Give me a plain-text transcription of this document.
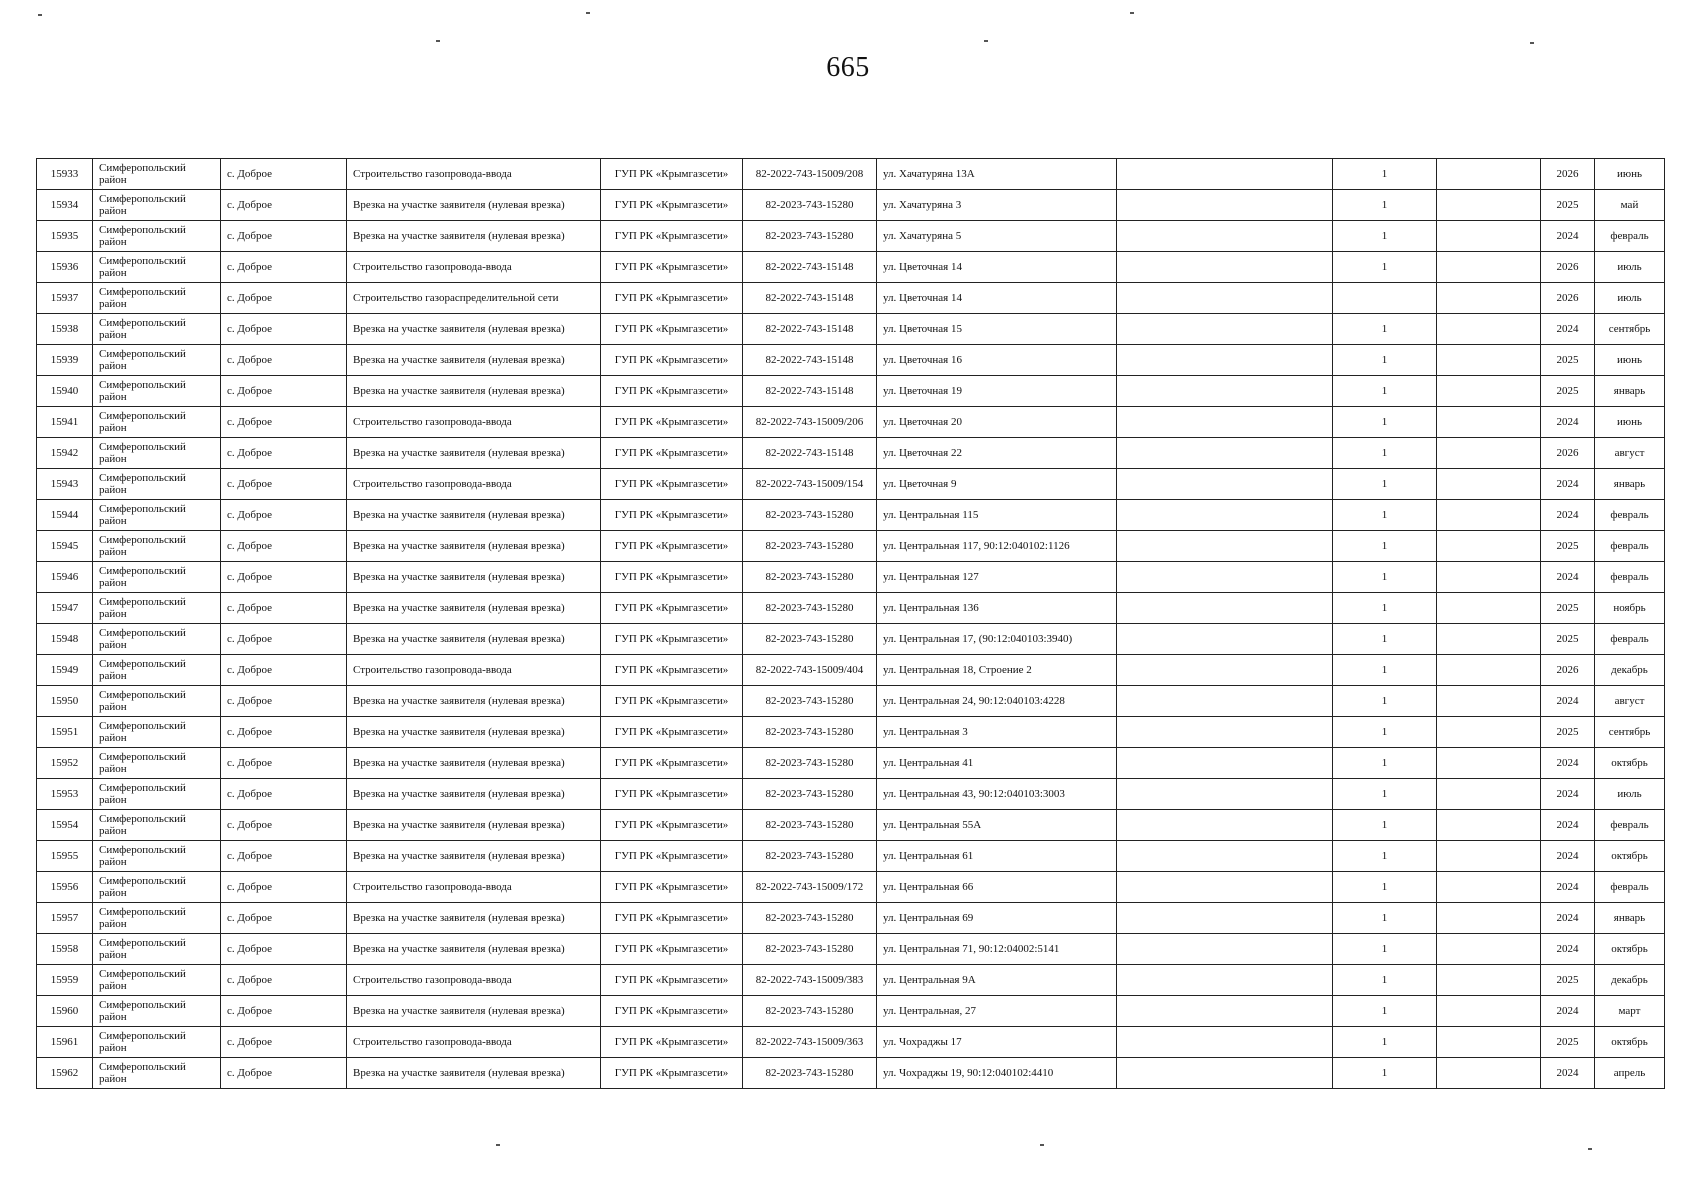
665
15933	Симферопольский район	с. Доброе	Строительство газопровода-ввода	ГУП РК «Крымгазсети»	82-2022-743-15009/208	ул. Хачатуряна 13А		1		2026	июнь
15934	Симферопольский район	с. Доброе	Врезка на участке заявителя (нулевая врезка)	ГУП РК «Крымгазсети»	82-2023-743-15280	ул. Хачатуряна 3		1		2025	май
15935	Симферопольский район	с. Доброе	Врезка на участке заявителя (нулевая врезка)	ГУП РК «Крымгазсети»	82-2023-743-15280	ул. Хачатуряна 5		1		2024	февраль
15936	Симферопольский район	с. Доброе	Строительство газопровода-ввода	ГУП РК «Крымгазсети»	82-2022-743-15148	ул. Цветочная 14		1		2026	июль
15937	Симферопольский район	с. Доброе	Строительство газораспределительной сети	ГУП РК «Крымгазсети»	82-2022-743-15148	ул. Цветочная 14				2026	июль
15938	Симферопольский район	с. Доброе	Врезка на участке заявителя (нулевая врезка)	ГУП РК «Крымгазсети»	82-2022-743-15148	ул. Цветочная 15		1		2024	сентябрь
15939	Симферопольский район	с. Доброе	Врезка на участке заявителя (нулевая врезка)	ГУП РК «Крымгазсети»	82-2022-743-15148	ул. Цветочная 16		1		2025	июнь
15940	Симферопольский район	с. Доброе	Врезка на участке заявителя (нулевая врезка)	ГУП РК «Крымгазсети»	82-2022-743-15148	ул. Цветочная 19		1		2025	январь
15941	Симферопольский район	с. Доброе	Строительство газопровода-ввода	ГУП РК «Крымгазсети»	82-2022-743-15009/206	ул. Цветочная 20		1		2024	июнь
15942	Симферопольский район	с. Доброе	Врезка на участке заявителя (нулевая врезка)	ГУП РК «Крымгазсети»	82-2022-743-15148	ул. Цветочная 22		1		2026	август
15943	Симферопольский район	с. Доброе	Строительство газопровода-ввода	ГУП РК «Крымгазсети»	82-2022-743-15009/154	ул. Цветочная 9		1		2024	январь
15944	Симферопольский район	с. Доброе	Врезка на участке заявителя (нулевая врезка)	ГУП РК «Крымгазсети»	82-2023-743-15280	ул. Центральная 115		1		2024	февраль
15945	Симферопольский район	с. Доброе	Врезка на участке заявителя (нулевая врезка)	ГУП РК «Крымгазсети»	82-2023-743-15280	ул. Центральная 117, 90:12:040102:1126		1		2025	февраль
15946	Симферопольский район	с. Доброе	Врезка на участке заявителя (нулевая врезка)	ГУП РК «Крымгазсети»	82-2023-743-15280	ул. Центральная 127		1		2024	февраль
15947	Симферопольский район	с. Доброе	Врезка на участке заявителя (нулевая врезка)	ГУП РК «Крымгазсети»	82-2023-743-15280	ул. Центральная 136		1		2025	ноябрь
15948	Симферопольский район	с. Доброе	Врезка на участке заявителя (нулевая врезка)	ГУП РК «Крымгазсети»	82-2023-743-15280	ул. Центральная 17, (90:12:040103:3940)		1		2025	февраль
15949	Симферопольский район	с. Доброе	Строительство газопровода-ввода	ГУП РК «Крымгазсети»	82-2022-743-15009/404	ул. Центральная 18, Строение 2		1		2026	декабрь
15950	Симферопольский район	с. Доброе	Врезка на участке заявителя (нулевая врезка)	ГУП РК «Крымгазсети»	82-2023-743-15280	ул. Центральная 24, 90:12:040103:4228		1		2024	август
15951	Симферопольский район	с. Доброе	Врезка на участке заявителя (нулевая врезка)	ГУП РК «Крымгазсети»	82-2023-743-15280	ул. Центральная 3		1		2025	сентябрь
15952	Симферопольский район	с. Доброе	Врезка на участке заявителя (нулевая врезка)	ГУП РК «Крымгазсети»	82-2023-743-15280	ул. Центральная 41		1		2024	октябрь
15953	Симферопольский район	с. Доброе	Врезка на участке заявителя (нулевая врезка)	ГУП РК «Крымгазсети»	82-2023-743-15280	ул. Центральная 43, 90:12:040103:3003		1		2024	июль
15954	Симферопольский район	с. Доброе	Врезка на участке заявителя (нулевая врезка)	ГУП РК «Крымгазсети»	82-2023-743-15280	ул. Центральная 55А		1		2024	февраль
15955	Симферопольский район	с. Доброе	Врезка на участке заявителя (нулевая врезка)	ГУП РК «Крымгазсети»	82-2023-743-15280	ул. Центральная 61		1		2024	октябрь
15956	Симферопольский район	с. Доброе	Строительство газопровода-ввода	ГУП РК «Крымгазсети»	82-2022-743-15009/172	ул. Центральная 66		1		2024	февраль
15957	Симферопольский район	с. Доброе	Врезка на участке заявителя (нулевая врезка)	ГУП РК «Крымгазсети»	82-2023-743-15280	ул. Центральная 69		1		2024	январь
15958	Симферопольский район	с. Доброе	Врезка на участке заявителя (нулевая врезка)	ГУП РК «Крымгазсети»	82-2023-743-15280	ул. Центральная 71, 90:12:04002:5141		1		2024	октябрь
15959	Симферопольский район	с. Доброе	Строительство газопровода-ввода	ГУП РК «Крымгазсети»	82-2022-743-15009/383	ул. Центральная 9А		1		2025	декабрь
15960	Симферопольский район	с. Доброе	Врезка на участке заявителя (нулевая врезка)	ГУП РК «Крымгазсети»	82-2023-743-15280	ул. Центральная, 27		1		2024	март
15961	Симферопольский район	с. Доброе	Строительство газопровода-ввода	ГУП РК «Крымгазсети»	82-2022-743-15009/363	ул. Чохраджы 17		1		2025	октябрь
15962	Симферопольский район	с. Доброе	Врезка на участке заявителя (нулевая врезка)	ГУП РК «Крымгазсети»	82-2023-743-15280	ул. Чохраджы 19, 90:12:040102:4410		1		2024	апрель
